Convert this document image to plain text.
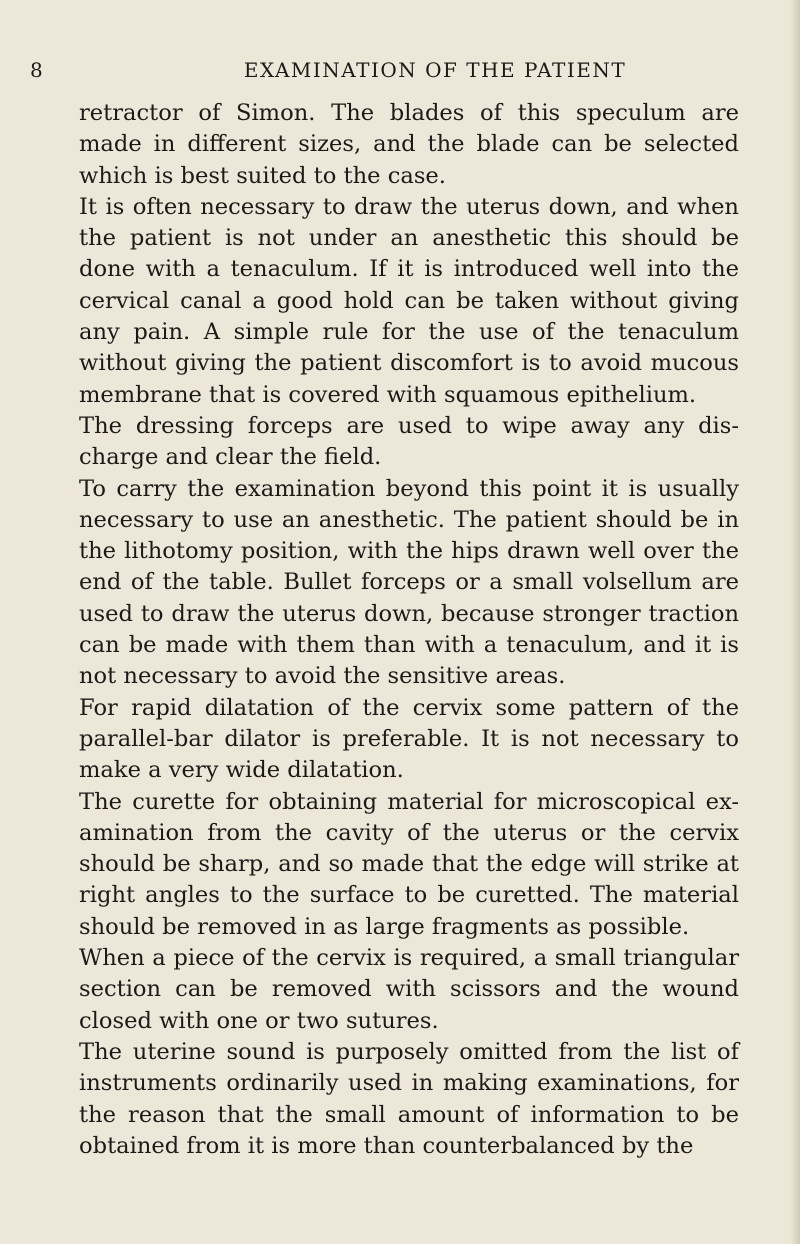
8	EXAMINATION OF THE PATIENT

retractor of Simon. The blades of this speculum are made in different sizes, and the blade can be selected which is best suited to the case.

It is often necessary to draw the uterus down, and when the patient is not under an anesthetic this should be done with a tenaculum. If it is introduced well into the cervical canal a good hold can be taken without giving any pain. A simple rule for the use of the tenaculum without giving the patient discomfort is to avoid mucous membrane that is covered with squamous epithelium.

The dressing forceps are used to wipe away any dis-charge and clear the field.

To carry the examination beyond this point it is usually necessary to use an anesthetic. The patient should be in the lithotomy position, with the hips drawn well over the end of the table. Bullet forceps or a small volsellum are used to draw the uterus down, because stronger traction can be made with them than with a tenaculum, and it is not necessary to avoid the sensitive areas.

For rapid dilatation of the cervix some pattern of the parallel-bar dilator is preferable. It is not necessary to make a very wide dilatation.

The curette for obtaining material for microscopical ex-amination from the cavity of the uterus or the cervix should be sharp, and so made that the edge will strike at right angles to the surface to be curetted. The material should be removed in as large fragments as possible.

When a piece of the cervix is required, a small triangular section can be removed with scissors and the wound closed with one or two sutures.

The uterine sound is purposely omitted from the list of instruments ordinarily used in making examinations, for the reason that the small amount of information to be obtained from it is more than counterbalanced by the
